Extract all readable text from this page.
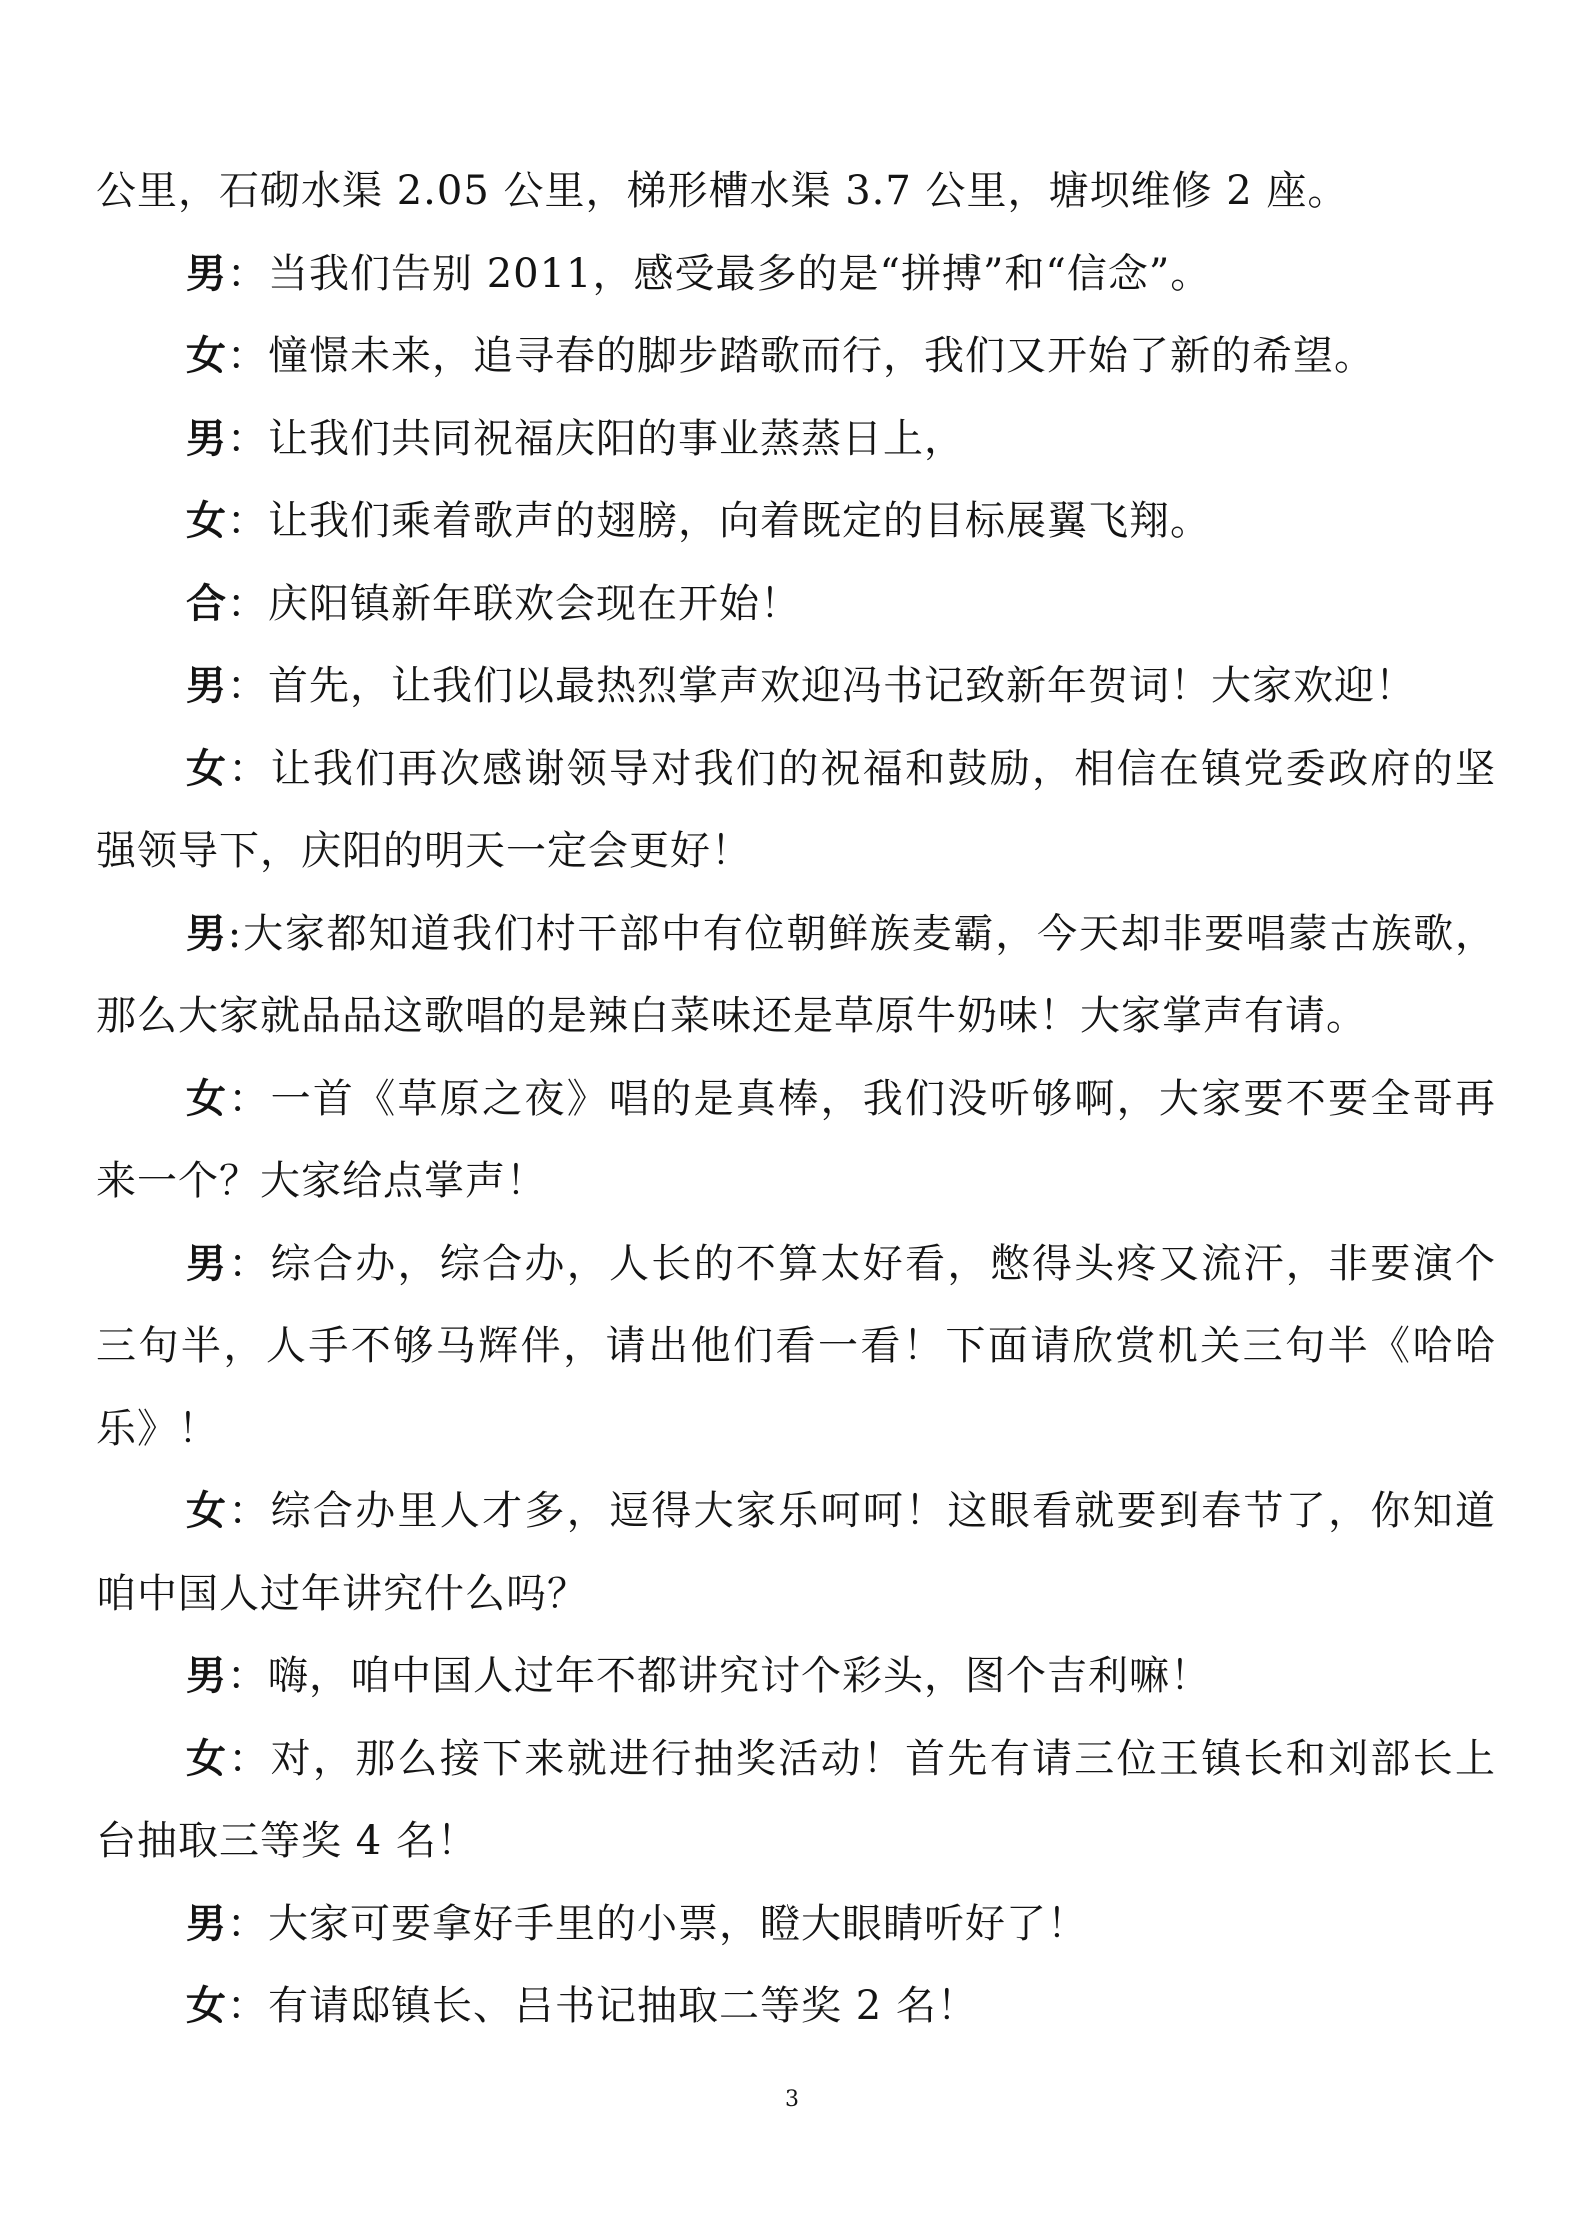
公里，石砌水渠 2.05 公里，梯形槽水渠 3.7 公里，塘坝维修 2 座。

男：当我们告别 2011，感受最多的是“拼搏”和“信念”。

女：憧憬未来，追寻春的脚步踏歌而行，我们又开始了新的希望。

男：让我们共同祝福庆阳的事业蒸蒸日上，

女：让我们乘着歌声的翅膀，向着既定的目标展翼飞翔。

合：庆阳镇新年联欢会现在开始！

男：首先，让我们以最热烈掌声欢迎冯书记致新年贺词！大家欢迎！

女：让我们再次感谢领导对我们的祝福和鼓励，相信在镇党委政府的坚强领导下，庆阳的明天一定会更好！

男:大家都知道我们村干部中有位朝鲜族麦霸，今天却非要唱蒙古族歌，那么大家就品品这歌唱的是辣白菜味还是草原牛奶味！大家掌声有请。

女：一首《草原之夜》唱的是真棒，我们没听够啊，大家要不要全哥再来一个？大家给点掌声！

男：综合办，综合办，人长的不算太好看，憋得头疼又流汗，非要演个三句半，人手不够马辉伴，请出他们看一看！下面请欣赏机关三句半《哈哈乐》！

女：综合办里人才多，逗得大家乐呵呵！这眼看就要到春节了，你知道咱中国人过年讲究什么吗？

男：嗨，咱中国人过年不都讲究讨个彩头，图个吉利嘛！

女：对，那么接下来就进行抽奖活动！首先有请三位王镇长和刘部长上台抽取三等奖 4 名！

男：大家可要拿好手里的小票，瞪大眼睛听好了！

女：有请邸镇长、吕书记抽取二等奖 2 名！

3
